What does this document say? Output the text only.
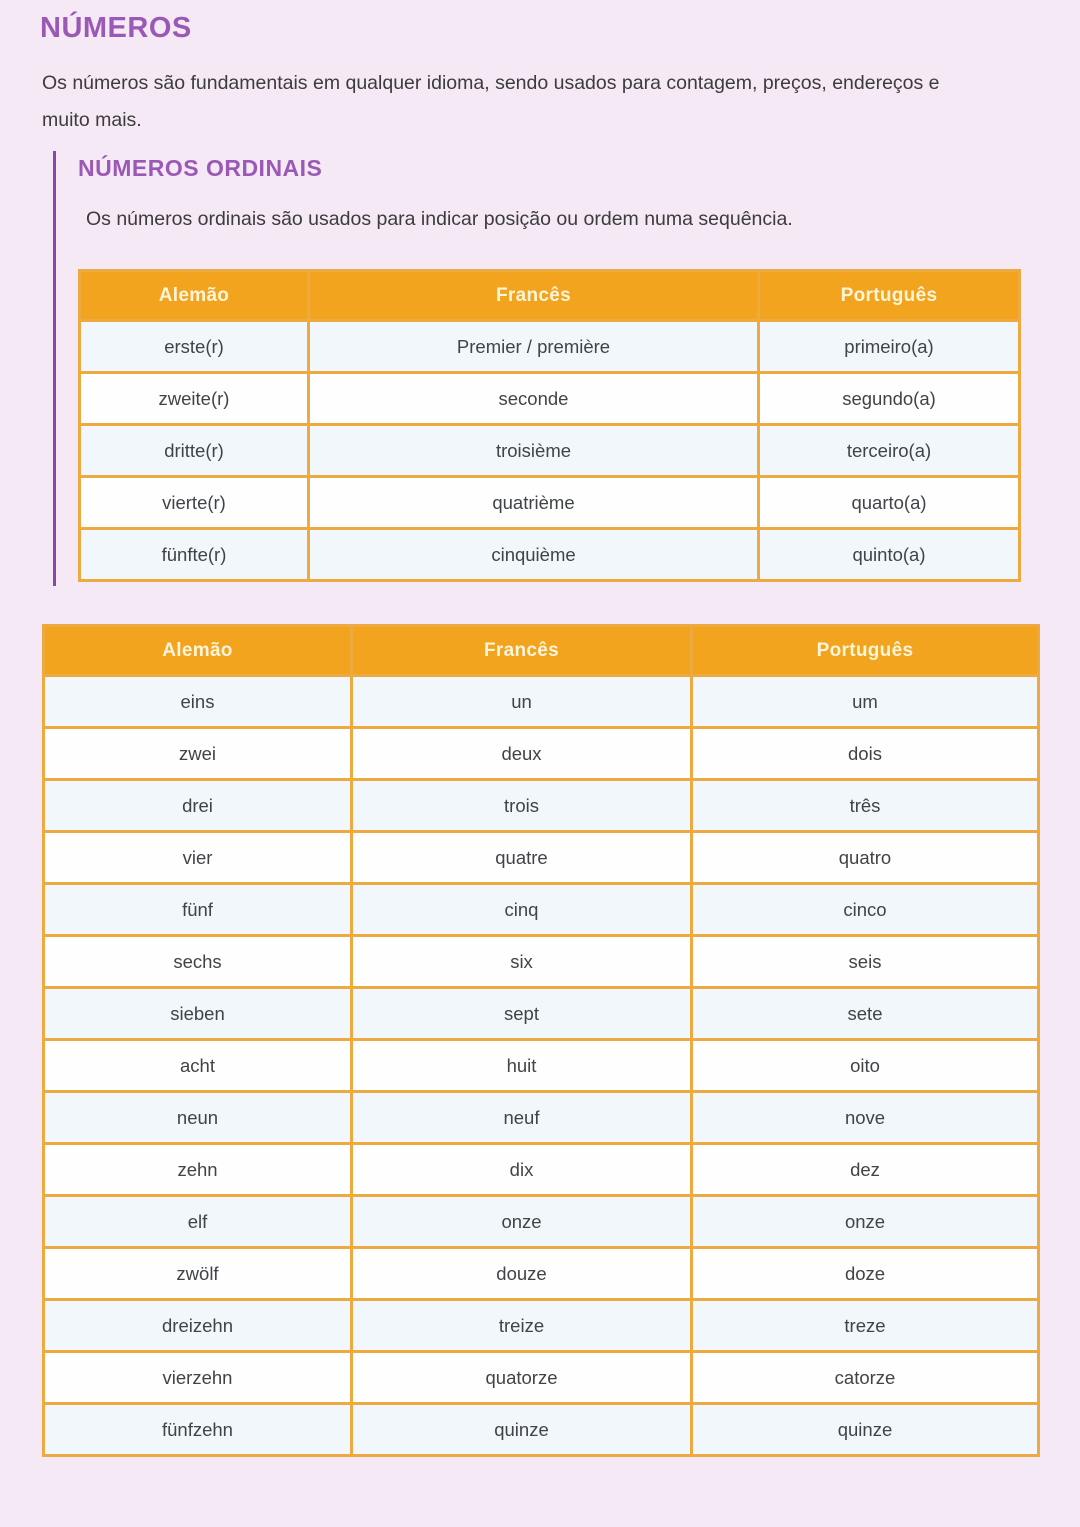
NÚMEROS

Os números são fundamentais em qualquer idioma, sendo usados para contagem, preços, endereços e muito mais.

NÚMEROS ORDINAIS

Os números ordinais são usados para indicar posição ou ordem numa sequência.

Alemão	Francês	Português
erste(r)	Premier / première	primeiro(a)
zweite(r)	seconde	segundo(a)
dritte(r)	troisième	terceiro(a)
vierte(r)	quatrième	quarto(a)
fünfte(r)	cinquième	quinto(a)
Alemão	Francês	Português
eins	un	um
zwei	deux	dois
drei	trois	três
vier	quatre	quatro
fünf	cinq	cinco
sechs	six	seis
sieben	sept	sete
acht	huit	oito
neun	neuf	nove
zehn	dix	dez
elf	onze	onze
zwölf	douze	doze
dreizehn	treize	treze
vierzehn	quatorze	catorze
fünfzehn	quinze	quinze
